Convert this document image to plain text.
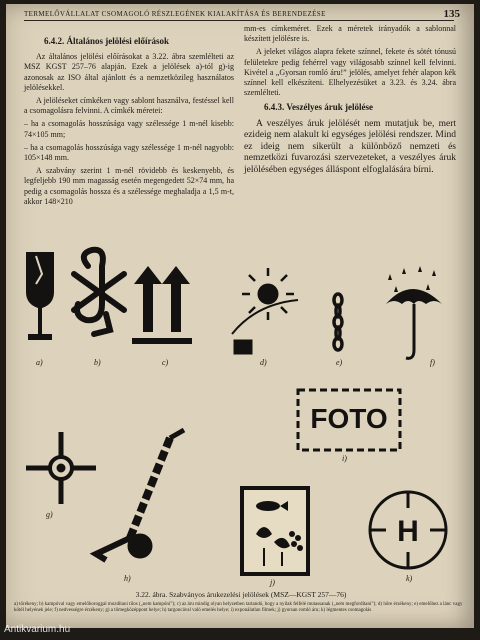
TERMELŐVÁLLALAT CSOMAGOLÓ RÉSZLEGÉNEK KIALAKÍTÁSA ÉS BERENDEZÉSE	135
6.4.2. Általános jelölési előírások

Az általános jelölési előírásokat a 3.22. ábra szemlélteti az MSZ KGST 257–76 alapján. Ezek a jelölések a)-tól g)-ig azonosak az ISO által ajánlott és a nemzetközileg használatos jelölésekkel.

A jelöléseket címkéken vagy sablont használva, festéssel kell a csomagolásra felvinni. A címkék méretei:

– ha a csomagolás hosszúsága vagy szélessége 1 m-nél kisebb: 74×105 mm;

– ha a csomagolás hosszúsága vagy szélessége 1 m-nél nagyobb: 105×148 mm.

A szabvány szerint 1 m-nél rövidebb és keskenyebb, és legfeljebb 190 mm magasság esetén megengedett 52×74 mm, ha pedig a csomagolás hossza és a szélessége meghaladja a 1,5 m-t, akkor 148×210

mm-es címkeméret. Ezek a méretek irányadók a sablonnal készített jelölésre is.

A jeleket világos alapra fekete színnel, fekete és sötét tónusú felületekre pedig fehérrel vagy világosabb színnel kell felvinni. Kivétel a „Gyorsan romló áru!” jelölés, amelyet fehér alapon kék színnel kell elkészíteni. Elhelyezésüket a 3.23. és 3.24. ábra szemlélteti.

6.4.3. Veszélyes áruk jelölése

A veszélyes áruk jelölését nem mutatjuk be, mert ezideig nem alakult ki egységes jelölési rendszer. Mind ez ideig nem sikerült a különböző nemzeti és nemzetközi fuvarozási szervezeteket, a veszélyes áruk jelölésében egységes álláspont elfoglalására bírni.

FOTO
H
a)	b)	c)	d)	e)	f)
g)
h)
i)
j)	k)
3.22. ábra. Szabványos árukezelési jelölések (MSZ—KGST 257—76)
a) törékeny; b) kampóval vagy emelőhoroggal mozdítani tilos („nem kampóni”); c) az áru mindig olyan helyzetben tartandó, hogy a nyilak felfelé mutassanak („nem megfordítani”); d) hőre érzékeny; e) emelőhez a lánc vagy kötél helyének jele; f) nedvességre érzékeny; g) a tömegközéppont helye; h) targoncával való emelés helye; i) exponálatlan filmek; j) gyorsan romló áru; k) légmentes csomagolás
Antikvarium.hu
